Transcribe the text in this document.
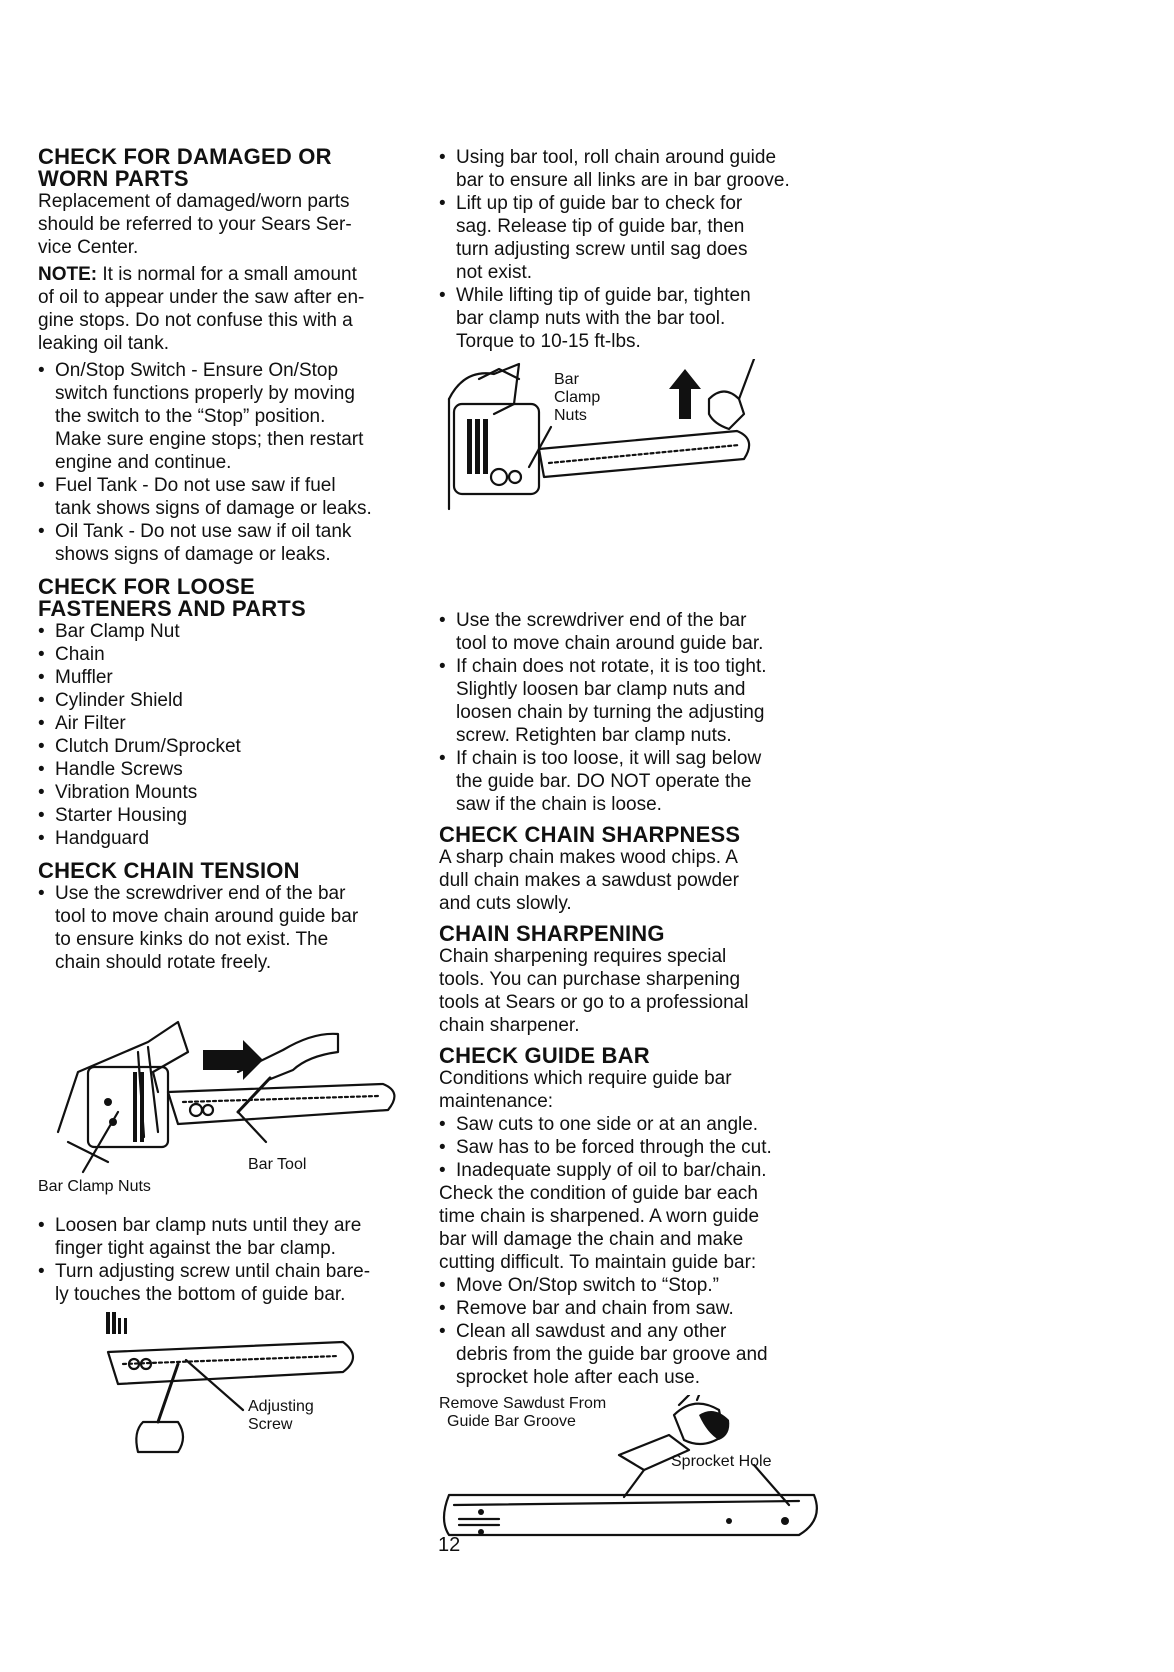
CHECK FOR DAMAGED OR
WORN PARTS

Replacement of damaged/worn parts
should be referred to your Sears Ser-
vice Center.

NOTE: It is normal for a small amount
of oil to appear under the saw after en-
gine stops. Do not confuse this with a
leaking oil tank.

• On/Stop Switch - Ensure On/Stop
switch functions properly by moving
the switch to the “Stop” position.
Make sure engine stops; then restart
engine and continue.
• Fuel Tank - Do not use saw if fuel
tank shows signs of damage or leaks.
• Oil Tank - Do not use saw if oil tank
shows signs of damage or leaks.
CHECK FOR LOOSE
FASTENERS AND PARTS
• Bar Clamp Nut
• Chain
• Muffler
• Cylinder Shield
• Air Filter
• Clutch Drum/Sprocket
• Handle Screws
• Vibration Mounts
• Starter Housing
• Handguard
CHECK CHAIN TENSION
• Use the screwdriver end of the bar
tool to move chain around guide bar
to ensure kinks do not exist. The
chain should rotate freely.
Bar Tool
Bar Clamp Nuts
• Loosen bar clamp nuts until they are
finger tight against the bar clamp.
• Turn adjusting screw until chain bare-
ly touches the bottom of guide bar.
Adjusting
Screw
• Using bar tool, roll chain around guide
bar to ensure all links are in bar groove.
• Lift up tip of guide bar to check for
sag. Release tip of guide bar, then
turn adjusting screw until sag does
not exist.
• While lifting tip of guide bar, tighten
bar clamp nuts with the bar tool.
Torque to 10-15 ft-lbs.
Bar
Clamp
Nuts
• Use the screwdriver end of the bar
tool to move chain around guide bar.
• If chain does not rotate, it is too tight.
Slightly loosen bar clamp nuts and
loosen chain by turning the adjusting
screw. Retighten bar clamp nuts.
• If chain is too loose, it will sag below
the guide bar. DO NOT operate the
saw if the chain is loose.
CHECK CHAIN SHARPNESS

A sharp chain makes wood chips. A
dull chain makes a sawdust powder
and cuts slowly.

CHAIN SHARPENING

Chain sharpening requires special
tools. You can purchase sharpening
tools at Sears or go to a professional
chain sharpener.

CHECK GUIDE BAR

Conditions which require guide bar
maintenance:

• Saw cuts to one side or at an angle.
• Saw has to be forced through the cut.
• Inadequate supply of oil to bar/chain.

Check the condition of guide bar each
time chain is sharpened. A worn guide
bar will damage the chain and make
cutting difficult. To maintain guide bar:

• Move On/Stop switch to “Stop.”
• Remove bar and chain from saw.
• Clean all sawdust and any other
debris from the guide bar groove and
sprocket hole after each use.
Remove Sawdust From
Guide Bar Groove
Sprocket Hole
12
